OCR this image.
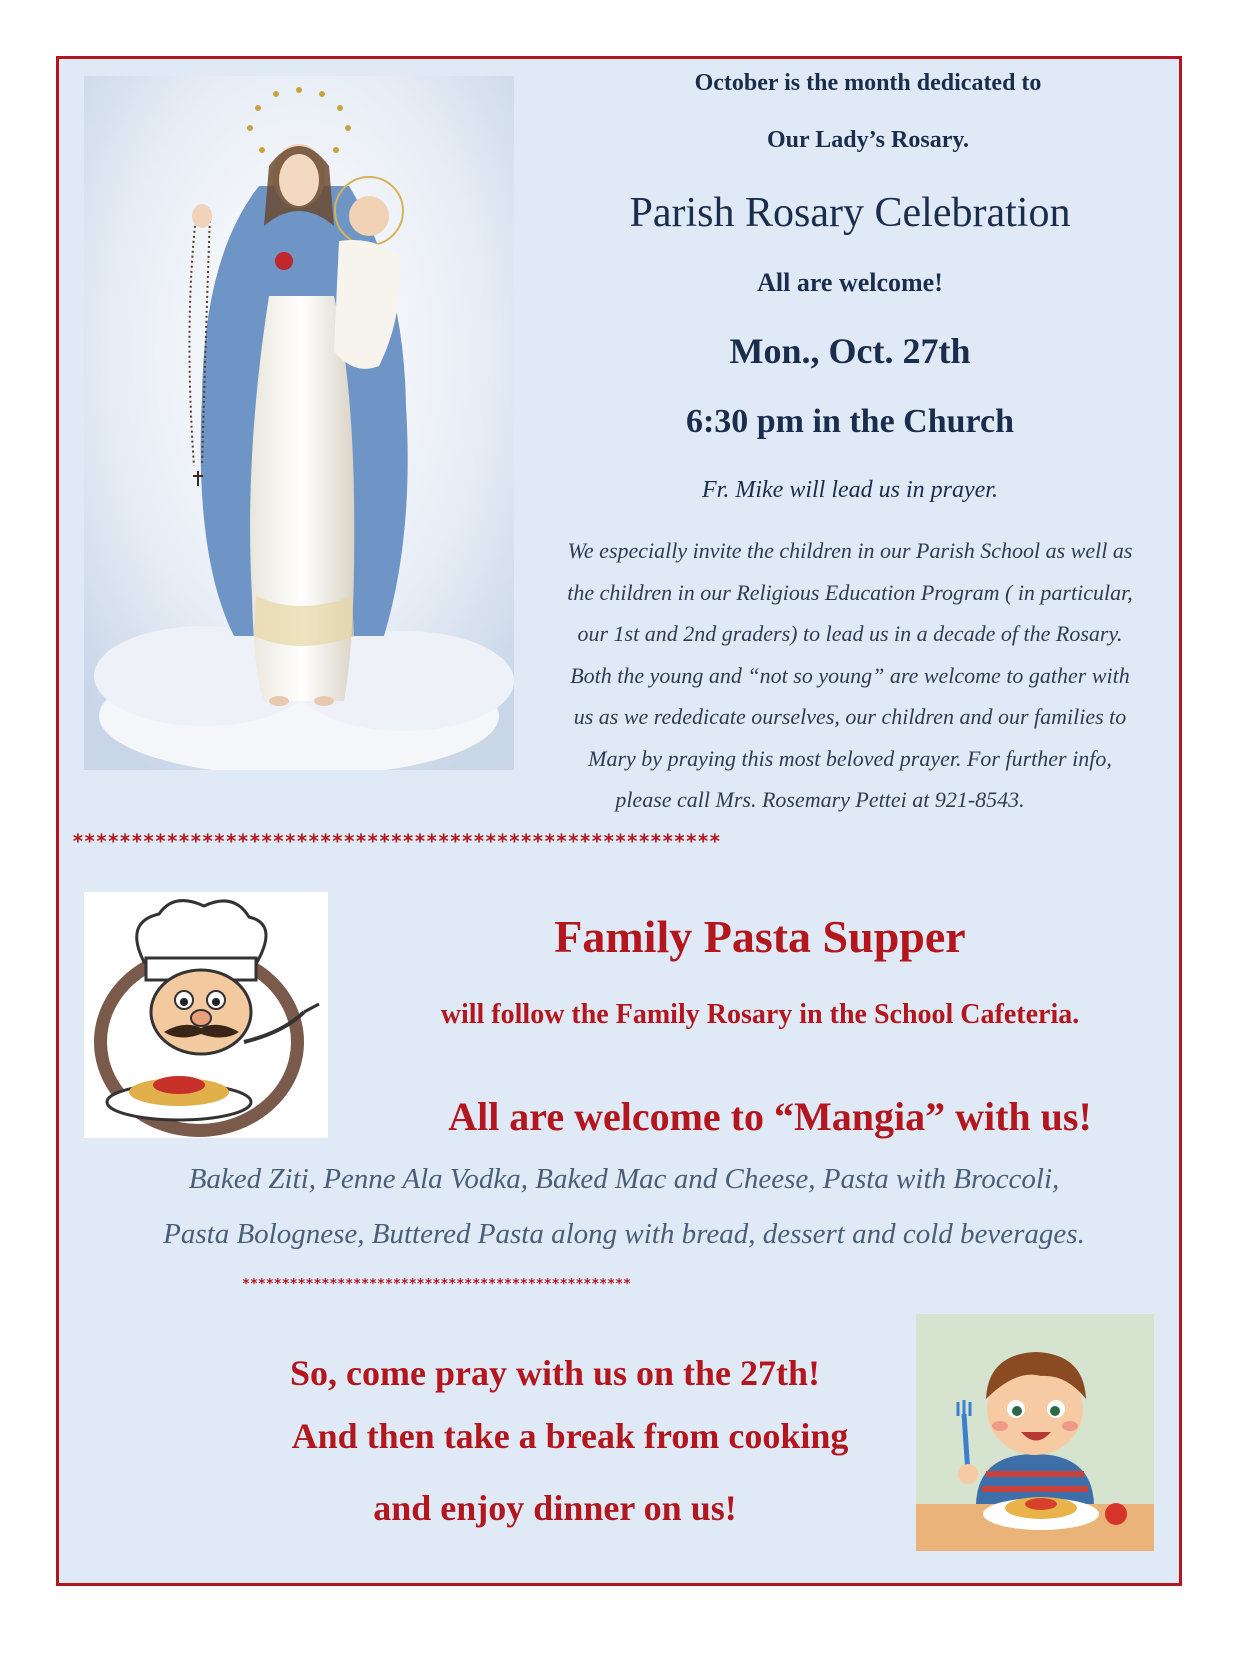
October is the month dedicated to
Our Lady’s Rosary.
Parish Rosary Celebration
All are welcome!
Mon., Oct. 27th
6:30 pm in the Church
Fr. Mike will lead us in prayer.
We especially invite the children in our Parish School as well as
the children in our Religious Education Program ( in particular,
our 1st and 2nd graders) to lead us in a decade of the Rosary.
Both the young and “not so young” are welcome to gather with
us as we rededicate ourselves, our children and our families to
Mary by praying this most beloved prayer. For further info,
please call Mrs. Rosemary Pettei at 921-8543.
*******************************************************
Family Pasta Supper
will follow the Family Rosary in the School Cafeteria.
All are welcome to “Mangia” with us!
Baked Ziti, Penne Ala Vodka, Baked Mac and Cheese, Pasta with Broccoli,
Pasta Bolognese, Buttered Pasta along with bread, dessert and cold beverages.
*************************************************
So, come pray with us on the 27th!
And then take a break from cooking
and enjoy dinner on us!
